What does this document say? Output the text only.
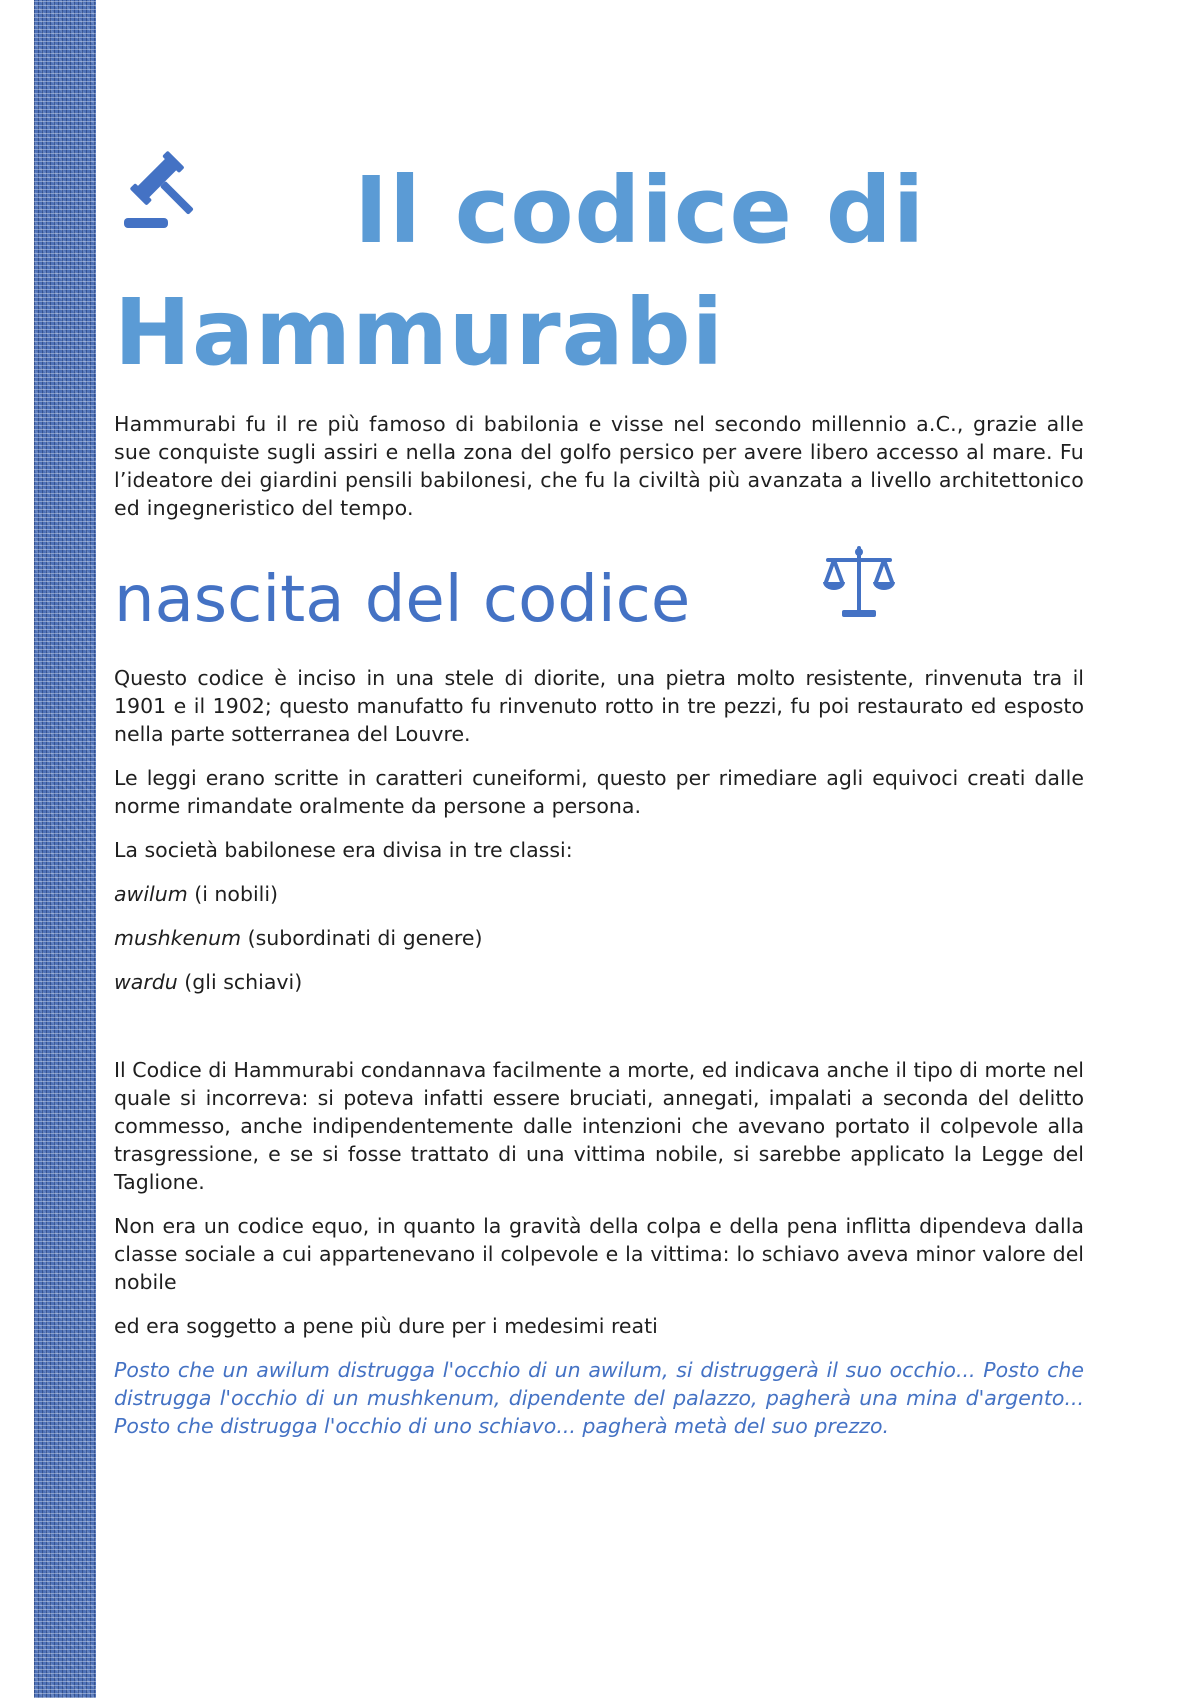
Il codice di Hammurabi

Hammurabi fu il re più famoso di babilonia e visse nel secondo millennio a.C., grazie alle sue conquiste sugli assiri e nella zona del golfo persico per avere libero accesso al mare. Fu l’ideatore dei giardini pensili babilonesi, che fu la civiltà più avanzata a livello architettonico ed ingegneristico del tempo.

nascita del codice

Questo codice è inciso in una stele di diorite, una pietra molto resistente, rinvenuta tra il 1901 e il 1902; questo manufatto fu rinvenuto rotto in tre pezzi, fu poi restaurato ed esposto nella parte sotterranea del Louvre.

Le leggi erano scritte in caratteri cuneiformi, questo per rimediare agli equivoci creati dalle norme rimandate oralmente da persone a persona.

La società babilonese era divisa in tre classi:

awilum (i nobili)

mushkenum (subordinati di genere)

wardu (gli schiavi)

Il Codice di Hammurabi condannava facilmente a morte, ed indicava anche il tipo di morte nel quale si incorreva: si poteva infatti essere bruciati, annegati, impalati a seconda del delitto commesso, anche indipendentemente dalle intenzioni che avevano portato il colpevole alla trasgressione, e se si fosse trattato di una vittima nobile, si sarebbe applicato la Legge del Taglione.

Non era un codice equo, in quanto la gravità della colpa e della pena inflitta dipendeva dalla classe sociale a cui appartenevano il colpevole e la vittima: lo schiavo aveva minor valore del nobile

ed era soggetto a pene più dure per i medesimi reati

Posto che un awilum distrugga l'occhio di un awilum, si distruggerà il suo occhio... Posto che distrugga l'occhio di un mushkenum, dipendente del palazzo, pagherà una mina d'argento... Posto che distrugga l'occhio di uno schiavo... pagherà metà del suo prezzo.
